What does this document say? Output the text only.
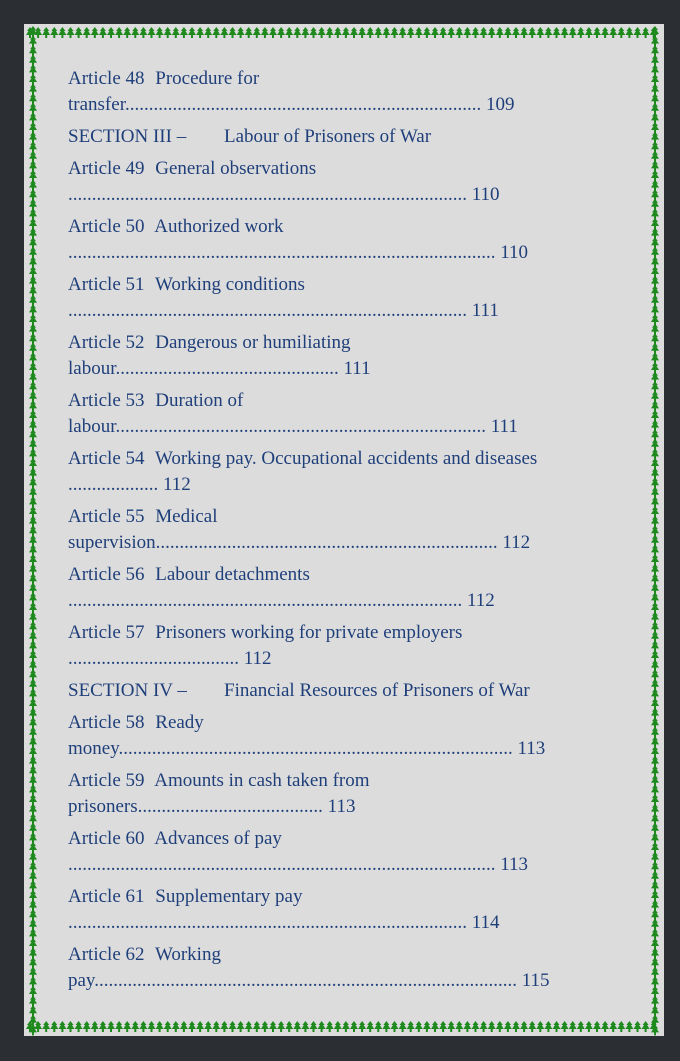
Article 48 Procedure for
transfer........................................................................... 109
SECTION III – Labour of Prisoners of War
Article 49 General observations
.................................................................................... 110
Article 50 Authorized work
.......................................................................................... 110
Article 51 Working conditions
.................................................................................... 111
Article 52 Dangerous or humiliating
labour............................................... 111
Article 53 Duration of
labour.............................................................................. 111
Article 54 Working pay. Occupational accidents and diseases
................... 112
Article 55 Medical
supervision........................................................................ 112
Article 56 Labour detachments
................................................................................... 112
Article 57 Prisoners working for private employers
.................................... 112
SECTION IV – Financial Resources of Prisoners of War
Article 58 Ready
money................................................................................... 113
Article 59 Amounts in cash taken from
prisoners....................................... 113
Article 60 Advances of pay
.......................................................................................... 113
Article 61 Supplementary pay
.................................................................................... 114
Article 62 Working
pay......................................................................................... 115
